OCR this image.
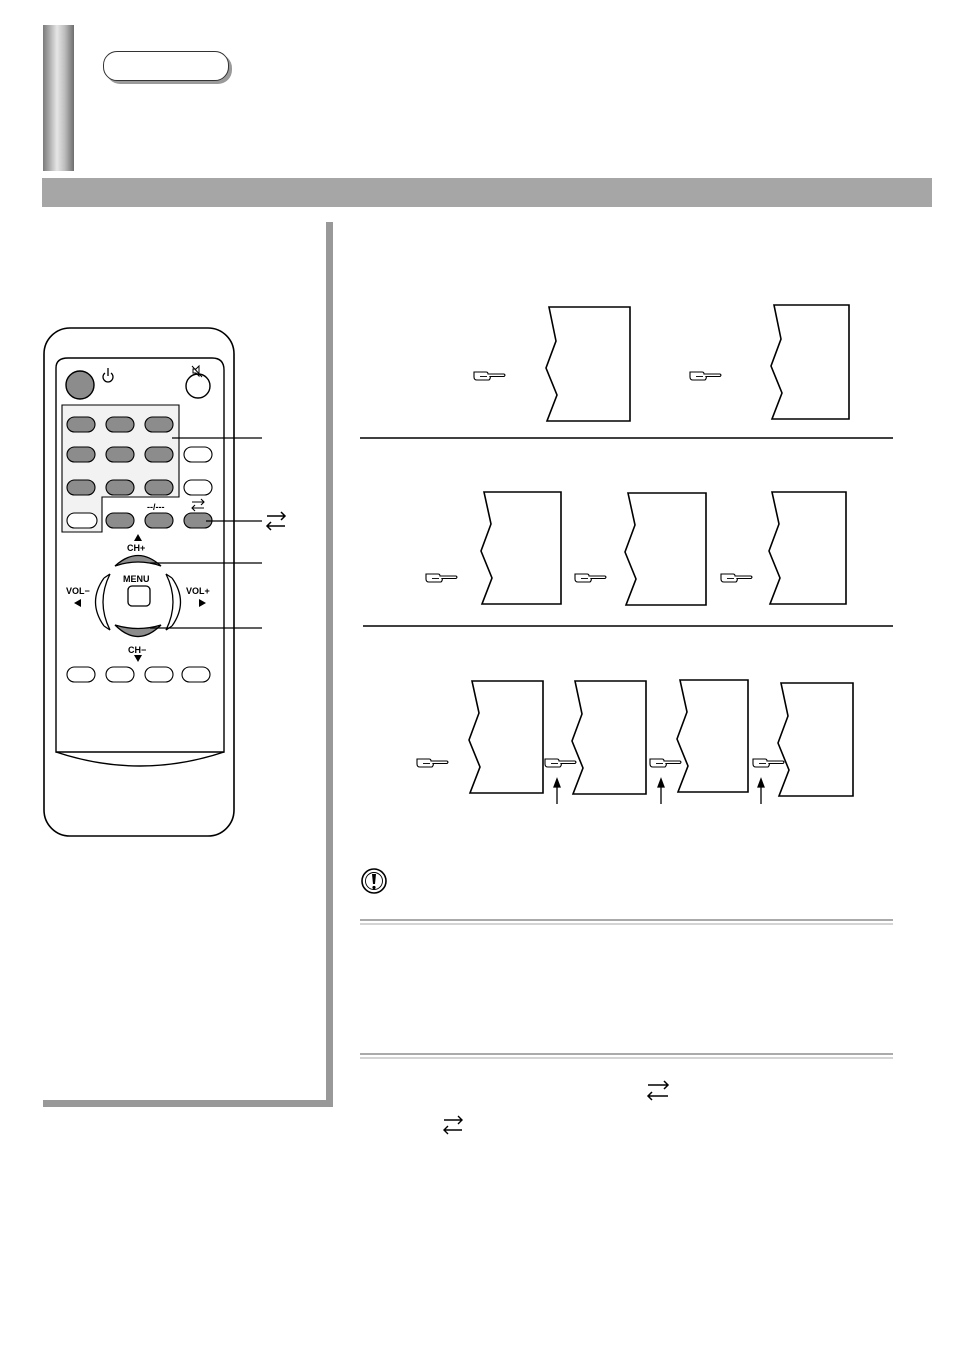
--/---
CH+
MENU
VOL−	VOL+
CH−
